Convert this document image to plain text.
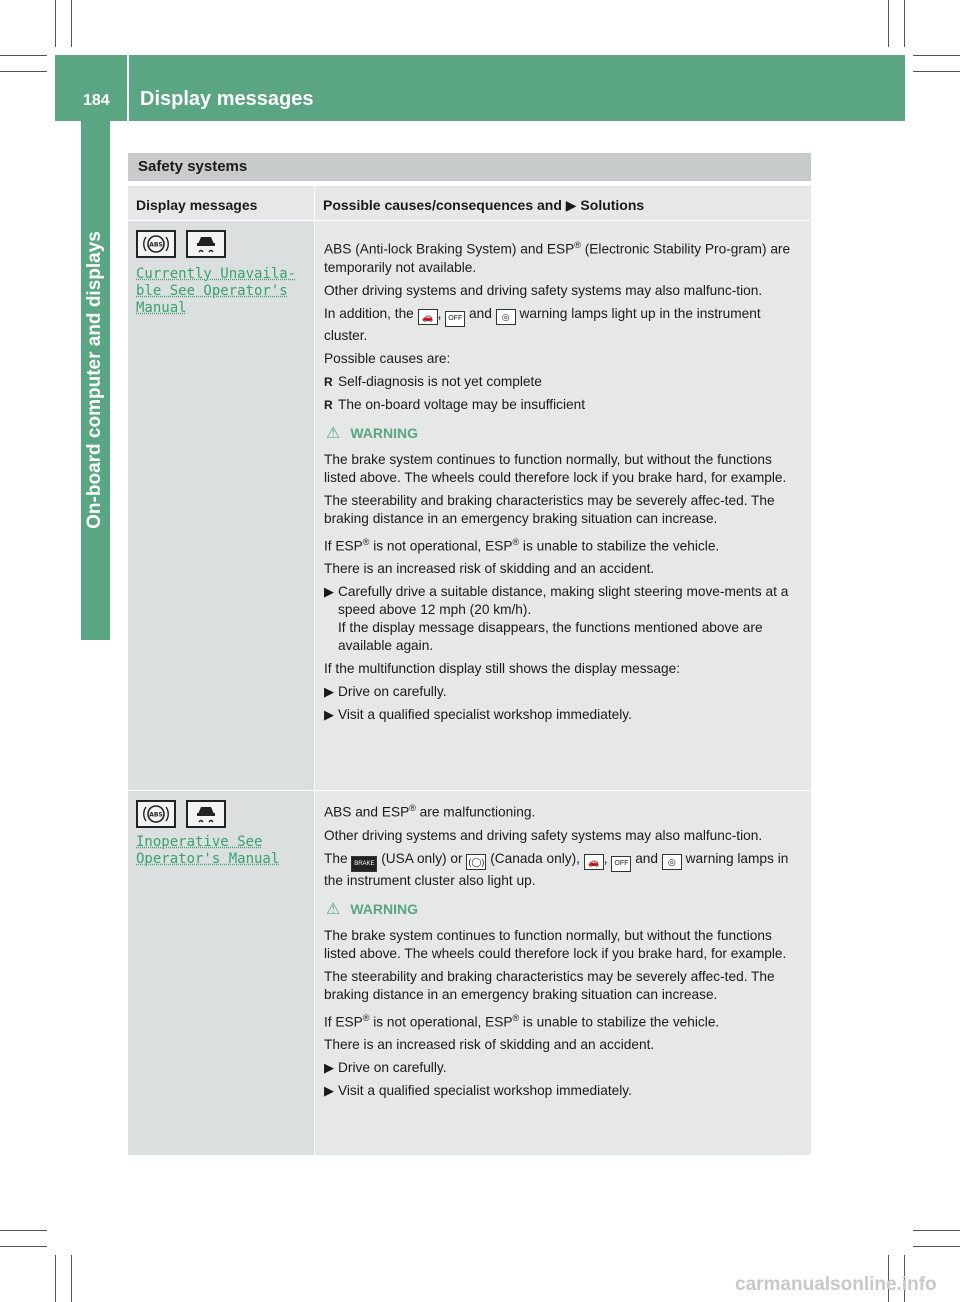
184 Display messages
On-board computer and displays
Safety systems
Display messages	Possible causes/consequences and ▶ Solutions
ABS
Currently Unavaila‐
ble See Operator's
Manual

ABS (Anti-lock Braking System) and ESP® (Electronic Stability Pro-gram) are temporarily not available.

Other driving systems and driving safety systems may also malfunc-tion.

In addition, the 🚗 , OFF and ◎ warning lamps light up in the instrument cluster.

Possible causes are:

R Self-diagnosis is not yet complete
R The on-board voltage may be insufficient
⚠ WARNING

The brake system continues to function normally, but without the functions listed above. The wheels could therefore lock if you brake hard, for example.

The steerability and braking characteristics may be severely affec-ted. The braking distance in an emergency braking situation can increase.

If ESP® is not operational, ESP® is unable to stabilize the vehicle.

There is an increased risk of skidding and an accident.

▶ Carefully drive a suitable distance, making slight steering move-ments at a speed above 12 mph (20 km/h).
If the display message disappears, the functions mentioned above are available again.

If the multifunction display still shows the display message:

▶ Drive on carefully.
▶ Visit a qualified specialist workshop immediately.
ABS
Inoperative See
Operator's Manual

ABS and ESP® are malfunctioning.

Other driving systems and driving safety systems may also malfunc-tion.

The BRAKE (USA only) or (◯) (Canada only), 🚗 , OFF and ◎ warning lamps in the instrument cluster also light up.

⚠ WARNING

The brake system continues to function normally, but without the functions listed above. The wheels could therefore lock if you brake hard, for example.

The steerability and braking characteristics may be severely affec-ted. The braking distance in an emergency braking situation can increase.

If ESP® is not operational, ESP® is unable to stabilize the vehicle.

There is an increased risk of skidding and an accident.

▶ Drive on carefully.
▶ Visit a qualified specialist workshop immediately.
carmanualsonline.info
